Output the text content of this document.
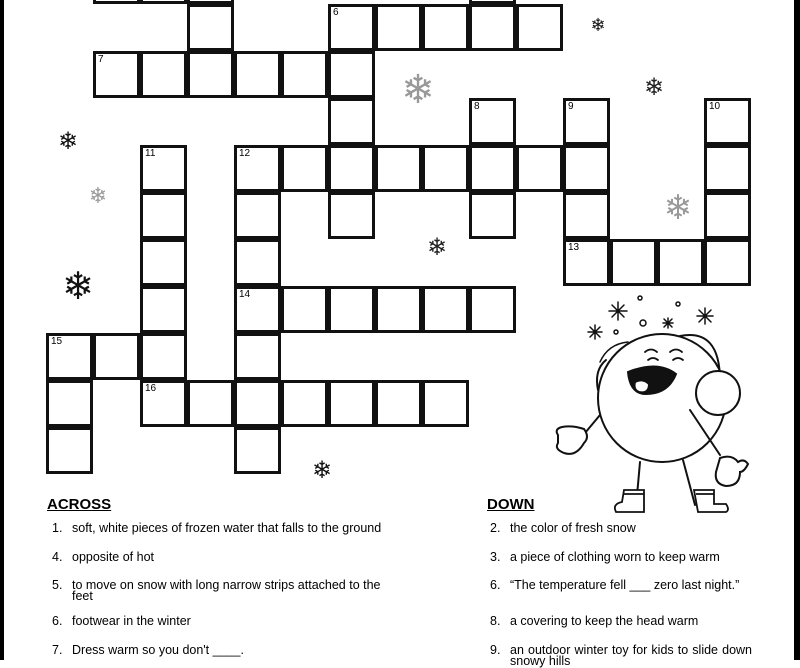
6
7
8	9	10
11	12
13
14
15
16
❄
❄	❄
❄
❄	❄
❄
❄
❄
ACROSS
1. soft, white pieces of frozen water that falls to the ground
4. opposite of hot
5. to move on snow with long narrow strips attached to the feet
6. footwear in the winter
7. Dress warm so you don't ____.
DOWN
2. the color of fresh snow
3. a piece of clothing worn to keep warm
6. “The temperature fell ___ zero last night.”
8. a covering to keep the head warm
9. an outdoor winter toy for kids to slide down snowy hills
